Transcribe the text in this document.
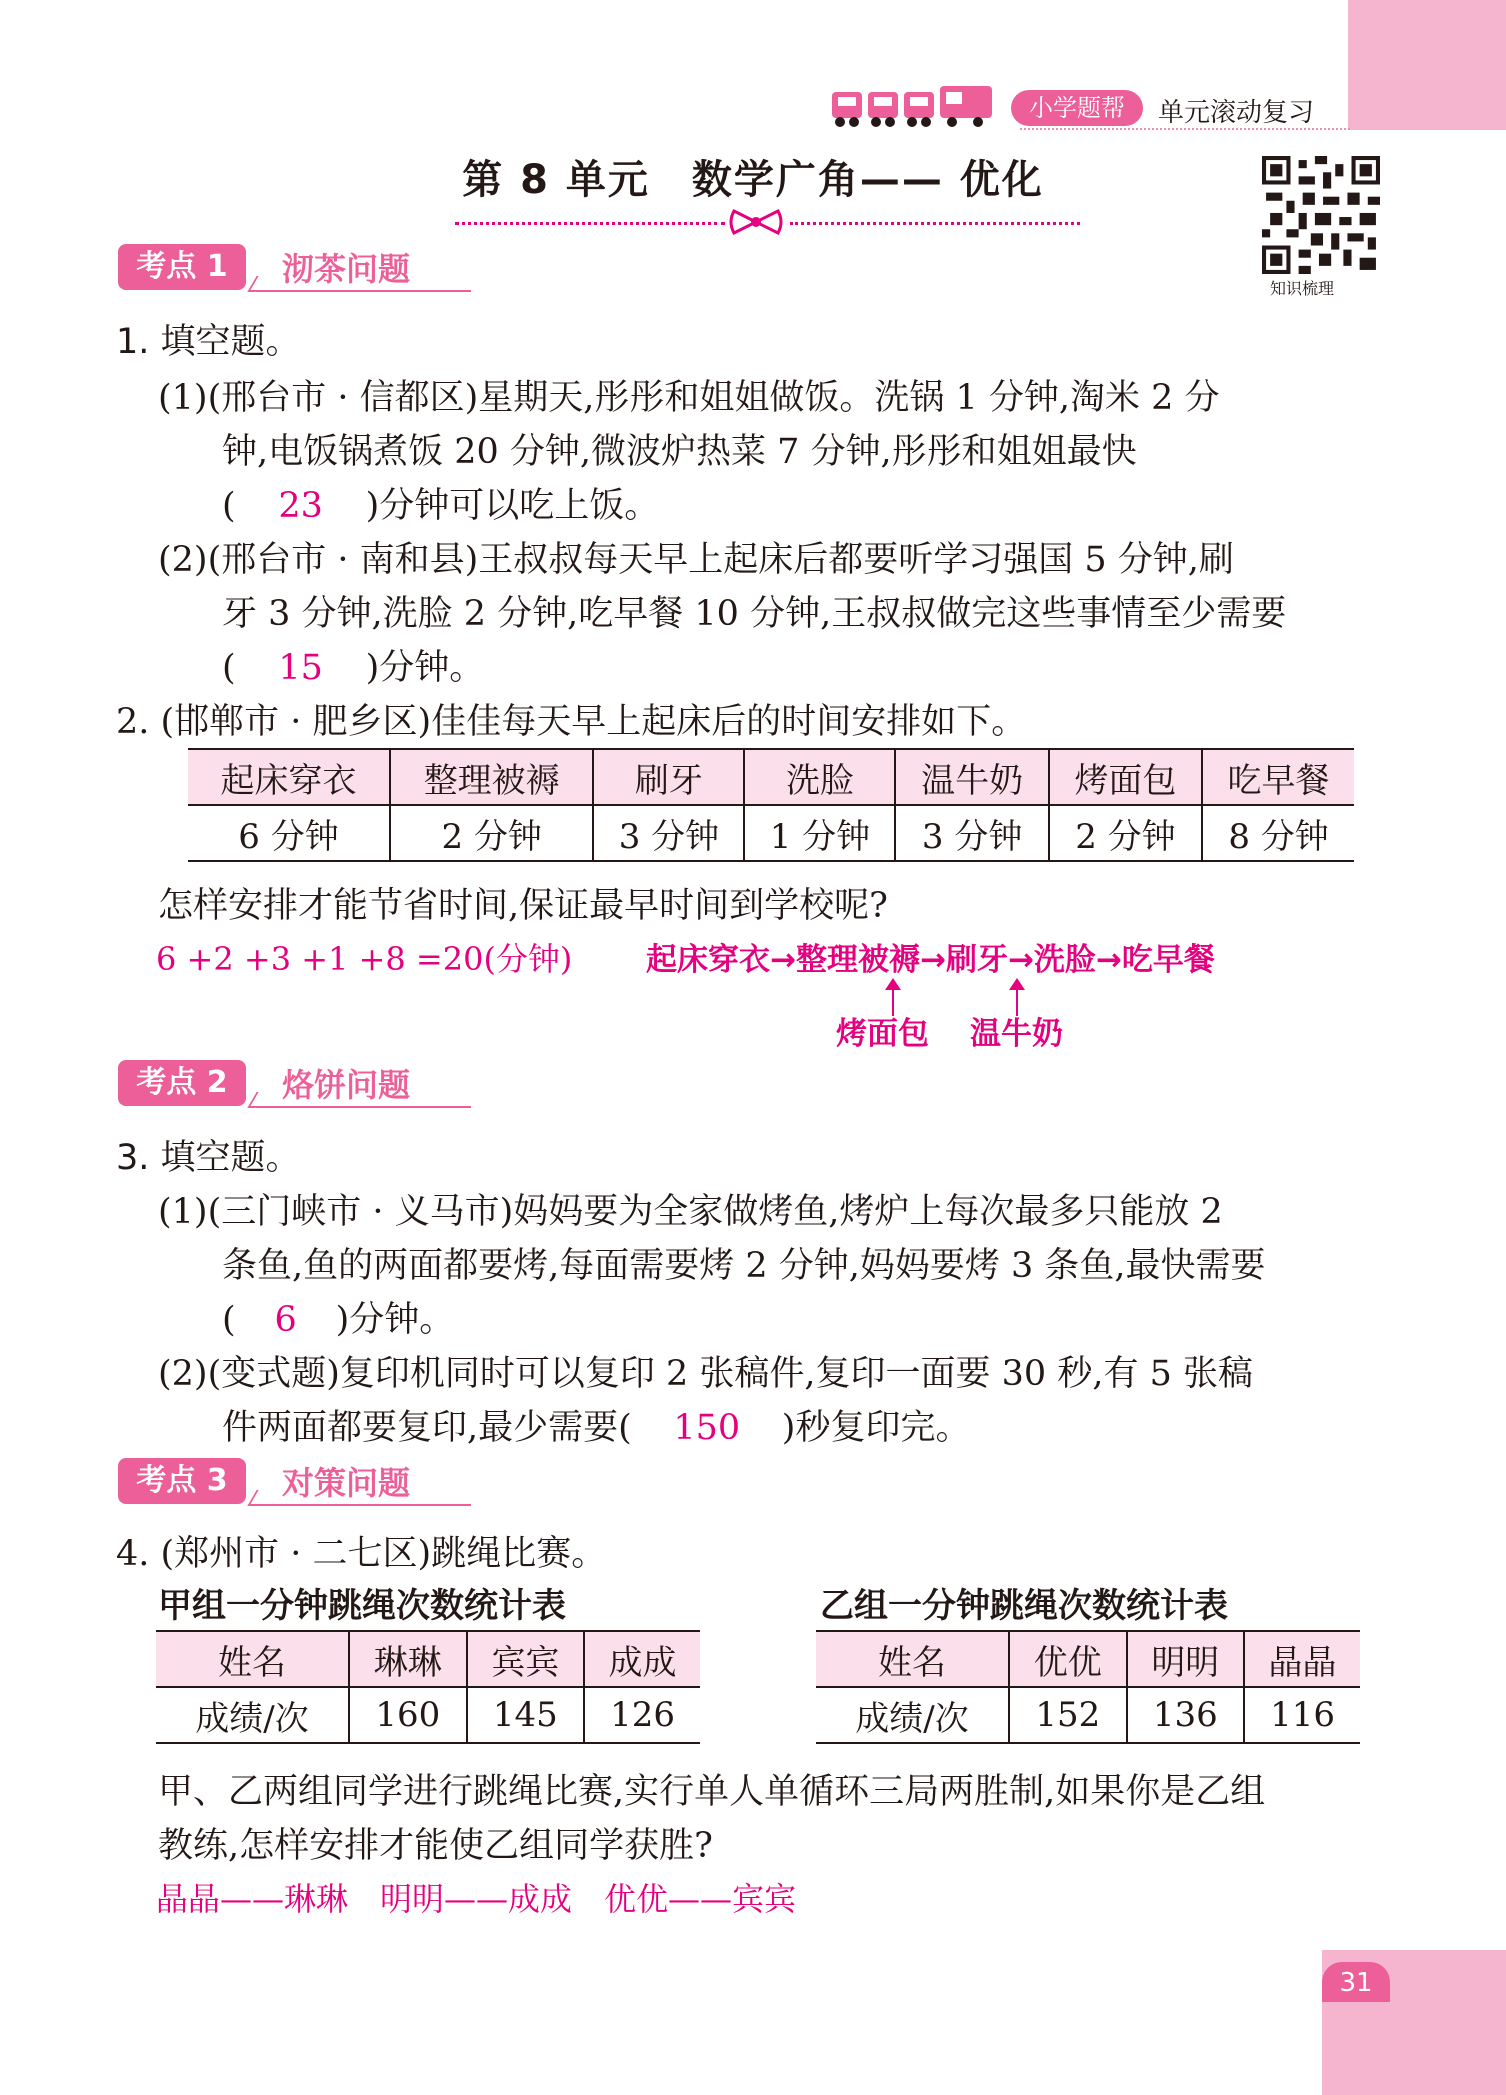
小学题帮	单元滚动复习
第 8 单元　数学广角—— 优化
知识梳理
考点 1	沏茶问题
1. 填空题。
(1)(邢台市 · 信都区)星期天,彤彤和姐姐做饭。洗锅 1 分钟,淘米 2 分
钟,电饭锅煮饭 20 分钟,微波炉热菜 7 分钟,彤彤和姐姐最快
( 23 )分钟可以吃上饭。
(2)(邢台市 · 南和县)王叔叔每天早上起床后都要听学习强国 5 分钟,刷
牙 3 分钟,洗脸 2 分钟,吃早餐 10 分钟,王叔叔做完这些事情至少需要
( 15 )分钟。
2. (邯郸市 · 肥乡区)佳佳每天早上起床后的时间安排如下。
起床穿衣	整理被褥	刷牙	洗脸	温牛奶	烤面包	吃早餐
6 分钟	2 分钟	3 分钟	1 分钟	3 分钟	2 分钟	8 分钟
怎样安排才能节省时间,保证最早时间到学校呢?
6 +2 +3 +1 +8 =20(分钟) 起床穿衣→整理被褥→刷牙→洗脸→吃早餐
烤面包 温牛奶
考点 2	烙饼问题
3. 填空题。
(1)(三门峡市 · 义马市)妈妈要为全家做烤鱼,烤炉上每次最多只能放 2
条鱼,鱼的两面都要烤,每面需要烤 2 分钟,妈妈要烤 3 条鱼,最快需要
( 6 )分钟。
(2)(变式题)复印机同时可以复印 2 张稿件,复印一面要 30 秒,有 5 张稿
件两面都要复印,最少需要( 150 )秒复印完。
考点 3	对策问题
4. (郑州市 · 二七区)跳绳比赛。
甲组一分钟跳绳次数统计表
姓名	琳琳	宾宾	成成
成绩/次	160	145	126
乙组一分钟跳绳次数统计表
姓名	优优	明明	晶晶
成绩/次	152	136	116
甲、乙两组同学进行跳绳比赛,实行单人单循环三局两胜制,如果你是乙组
教练,怎样安排才能使乙组同学获胜?
晶晶——琳琳　明明——成成　优优——宾宾
31
